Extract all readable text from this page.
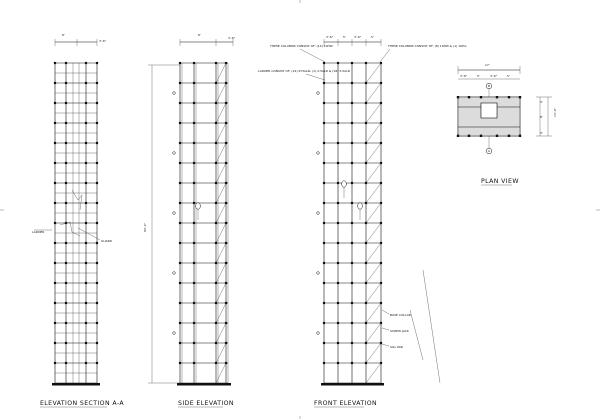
8'
3'-6"
LADDER
GUARD
8'
3'-6"
94'-2"
3'-6"	5'	3'-6"	5'
THESE COLUMNS CONSIST OF: (13) 10HW
LADDER CONSIST OF: (14) 6'HGL4L (1) 2-5ALR & (18) 3-5ALR
THESE COLUMNS CONSIST OF: (8) 10HW & (1) 10HA
BASE COLLAR
SCREW JACK
SILL PAD
17'
3'-6"	5'	3'-6"	5'
3'
8'
3'
13'-6"
B
A
ELEVATION SECTION A-A	SIDE ELEVATION	FRONT ELEVATION
PLAN VIEW
